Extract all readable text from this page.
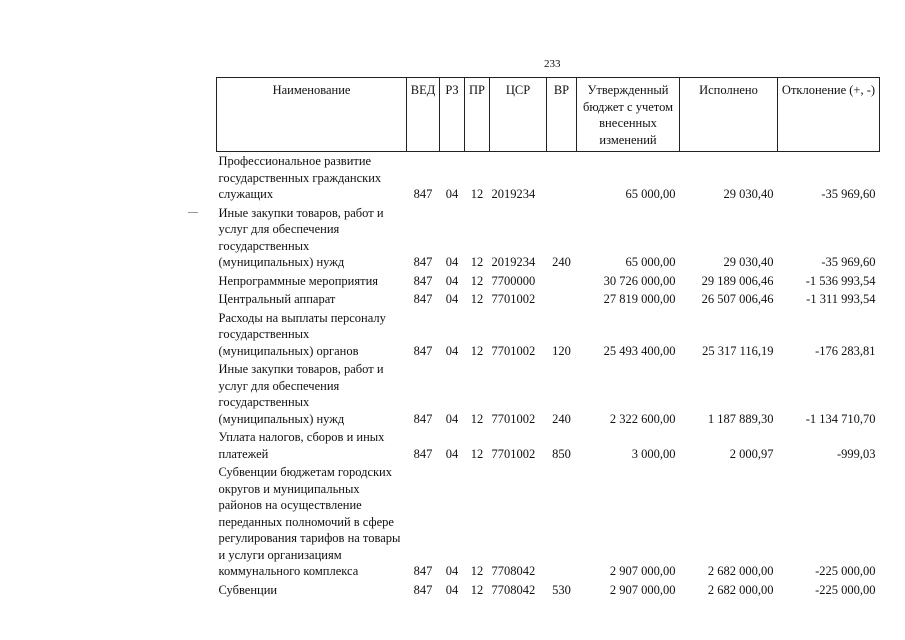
233
Наименование	ВЕД	РЗ	ПР	ЦСР	ВР	Утвержденный бюджет с учетом внесенных изменений	Исполнено	Отклонение (+, -)
Профессиональное развитие государственных гражданских служащих	847	04	12	2019234		65 000,00	29 030,40	-35 969,60
Иные закупки товаров, работ и услуг для обеспечения государственных (муниципальных) нужд	847	04	12	2019234	240	65 000,00	29 030,40	-35 969,60
Непрограммные мероприятия	847	04	12	7700000		30 726 000,00	29 189 006,46	-1 536 993,54
Центральный аппарат	847	04	12	7701002		27 819 000,00	26 507 006,46	-1 311 993,54
Расходы на выплаты персоналу государственных (муниципальных) органов	847	04	12	7701002	120	25 493 400,00	25 317 116,19	-176 283,81
Иные закупки товаров, работ и услуг для обеспечения государственных (муниципальных) нужд	847	04	12	7701002	240	2 322 600,00	1 187 889,30	-1 134 710,70
Уплата налогов, сборов и иных платежей	847	04	12	7701002	850	3 000,00	2 000,97	-999,03
Субвенции бюджетам городских округов и муниципальных районов на осуществление переданных полномочий в сфере регулирования тарифов на товары и услуги организациям коммунального комплекса	847	04	12	7708042		2 907 000,00	2 682 000,00	-225 000,00
Субвенции	847	04	12	7708042	530	2 907 000,00	2 682 000,00	-225 000,00
